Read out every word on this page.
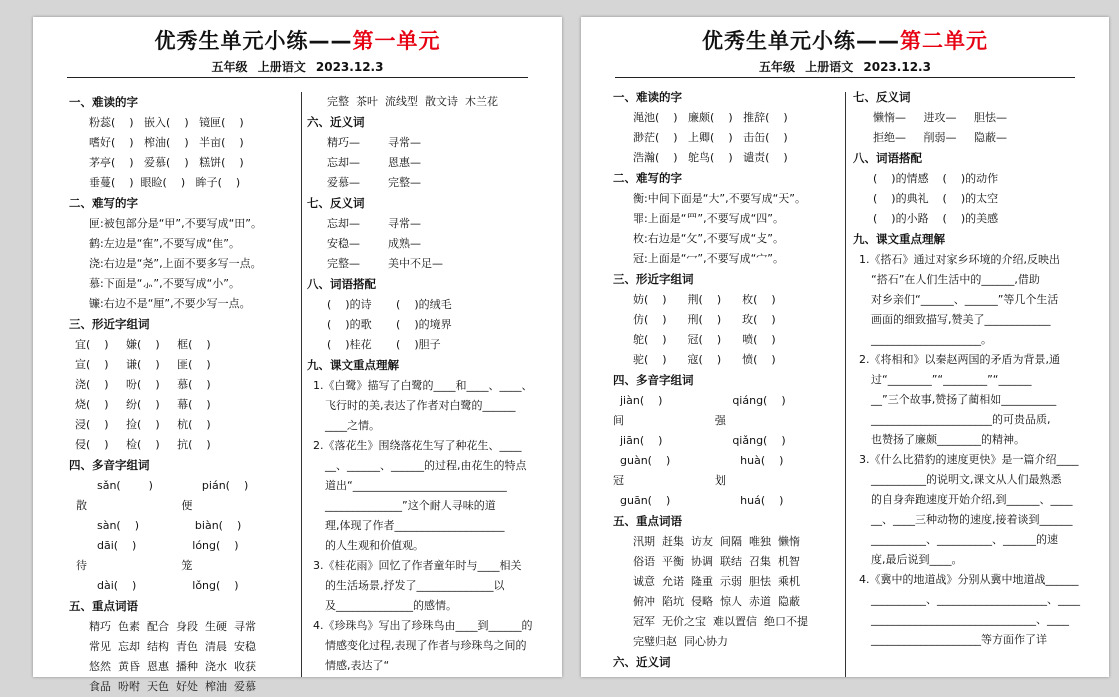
优秀生单元小练——第一单元
五年级 上册语文 2023.12.3
一、难读的字
粉蕊(    )   嵌入(    )   镜匣(    )
嗜好(    )   榨油(    )   半亩(    )
茅亭(    )   爱慕(    )   糕饼(    )
垂蔓(    )  眼睑(    )   眸子(    )
二、难写的字
匣:被包部分是“甲”,不要写成“田”。
鹤:左边是“隺”,不要写成“隹”。
浇:右边是“尧”,上面不要多写一点。
慕:下面是“⺗”,不要写成“小”。
镰:右边不是“厘”,不要少写一点。
三、形近字组词
宜(    )     嫌(    )     框(    )
宣(    )     谦(    )     匪(    )
浇(    )     吩(    )     慕(    )
烧(    )     纷(    )     幕(    )
浸(    )     捡(    )     杭(    )
侵(    )     检(    )     抗(    )
四、多音字组词
sǎn(        )              pián(    )
散                           便
sàn(    )                biàn(    )
dāi(    )                lóng(    )
待                           笼
dài(    )                lǒng(    )
五、重点词语
精巧  色素  配合  身段  生硬  寻常
常见  忘却  结构  青色  清晨  安稳
悠然  黄昏  恩惠  播种  浇水  收获
食品  吩咐  天色  好处  榨油  爱慕
完整  茶叶  流线型  散文诗  木兰花
六、近义词
精巧—        寻常—
忘却—        恩惠—
爱慕—        完整—
七、反义词
忘却—        寻常—
安稳—        成熟—
完整—        美中不足—
八、词语搭配
(    )的诗       (    )的绒毛
(    )的歌       (    )的境界
(    )桂花       (    )胆子
九、课文重点理解
1.《白鹭》描写了白鹭的____和____、____、
飞行时的美,表达了作者对白鹭的______
____之情。
2.《落花生》围绕落花生写了种花生、____
__、______、______的过程,由花生的特点
道出“____________________________
______________”这个耐人寻味的道
理,体现了作者____________________
的人生观和价值观。
3.《桂花雨》回忆了作者童年时与____相关
的生活场景,抒发了______________以
及______________的感情。
4.《珍珠鸟》写出了珍珠鸟由____到______的
情感变化过程,表现了作者与珍珠鸟之间的
情感,表达了“
优秀生单元小练——第二单元
五年级 上册语文 2023.12.3
一、难读的字
渑池(    )   廉颇(    )   推辞(    )
渺茫(    )   上卿(    )   击缶(    )
浩瀚(    )   鸵鸟(    )   谴责(    )
二、难写的字
衡:中间下面是“大”,不要写成“天”。
罪:上面是“罒”,不要写成“四”。
枚:右边是“攵”,不要写成“攴”。
冠:上面是“冖”,不要写成“宀”。
三、形近字组词
妨(    )      荆(    )      枚(    )
仿(    )      刑(    )      玫(    )
鸵(    )      冠(    )      喷(    )
驼(    )      寇(    )      愤(    )
四、多音字组词
jiàn(    )                    qiáng(    )
间                          强
jiān(    )                    qiǎng(    )
guàn(    )                    huà(    )
冠                          划
guān(    )                    huá(    )
五、重点词语
汛期  赶集  访友  间隔  唯独  懒惰
俗语  平衡  协调  联结  召集  机智
诚意  允诺  隆重  示弱  胆怯  乘机
俯冲  陷坑  侵略  惊人  赤道  隐蔽
冠军  无价之宝  难以置信  绝口不提
完璧归赵  同心协力
六、近义词
七、反义词
懒惰—     进攻—     胆怯—
拒绝—     削弱—     隐蔽—
八、词语搭配
(    )的情感    (    )的动作
(    )的典礼    (    )的太空
(    )的小路    (    )的美感
九、课文重点理解
1.《搭石》通过对家乡环境的介绍,反映出
“搭石”在人们生活中的______,借助
对乡亲们“______、______”等几个生活
画面的细致描写,赞美了____________
____________________。
2.《将相和》以秦赵两国的矛盾为背景,通
过“________”“________”“______
__”三个故事,赞扬了蔺相如__________
______________________的可贵品质,
也赞扬了廉颇________的精神。
3.《什么比猎豹的速度更快》是一篇介绍____
__________的说明文,课文从人们最熟悉
的自身奔跑速度开始介绍,到______、____
__、____三种动物的速度,接着谈到______
__________、__________、______的速
度,最后说到____。
4.《冀中的地道战》分别从冀中地道战______
__________、____________________、____
______________________________、____
____________________等方面作了详
